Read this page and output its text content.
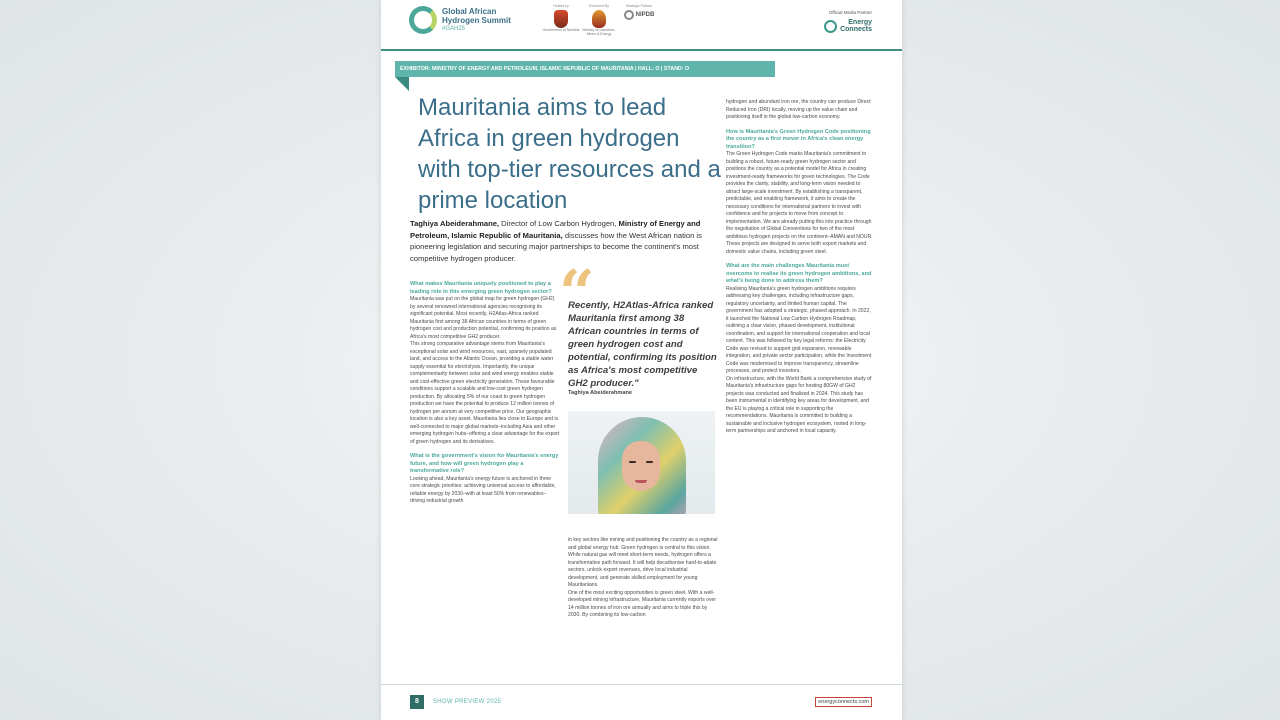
Global African
Hydrogen Summit
#GAH25
Hosted by
Government of Namibia
Endorsed By
Ministry of Industries, Mines & Energy
Strategic Partner
NIPDB	Official Media Partner
Energy
Connects
EXHIBITOR: MINISTRY OF ENERGY AND PETROLEUM, ISLAMIC REPUBLIC OF MAURITANIA | HALL: O | STAND: O
Mauritania aims to lead Africa in green hydrogen with top-tier resources and a prime location
Taghiya Abeiderahmane, Director of Low Carbon Hydrogen, Ministry of Energy and Petroleum, Islamic Republic of Mauritania, discusses how the West African nation is pioneering legislation and securing major partnerships to become the continent's most competitive hydrogen producer.

What makes Mauritania uniquely positioned to play a leading role in this emerging green hydrogen sector?

Mauritania was put on the global map for green hydrogen (GH2) by several renowned international agencies recognising its significant potential. Most recently, H2Atlas-Africa ranked Mauritania first among 38 African countries in terms of green hydrogen cost and production potential, confirming its position as Africa's most competitive GH2 producer.

This strong comparative advantage stems from Mauritania's exceptional solar and wind resources, vast, sparsely populated land, and access to the Atlantic Ocean, providing a stable water supply essential for electrolysis. Importantly, the unique complementarity between solar and wind energy enables stable and cost-effective green electricity generation. These favourable conditions support a scalable and low-cost green hydrogen production. By allocating 5% of our coast to green hydrogen production we have the potential to produce 12 million tonnes of hydrogen per annum at very competitive price. Our geographic location is also a key asset. Mauritania lies close to Europe and is well-connected to major global markets–including Asia and other emerging hydrogen hubs–offering a clear advantage for the export of green hydrogen and its derivatives.

What is the government's vision for Mauritania's energy future, and how will green hydrogen play a transformative role?

Looking ahead, Mauritania's energy future is anchored in three core strategic priorities: achieving universal access to affordable, reliable energy by 2030–with at least 50% from renewables–driving industrial growth

“
Recently, H2Atlas-Africa ranked Mauritania first among 38 African countries in terms of green hydrogen cost and potential, confirming its position as Africa's most competitive GH2 producer."
Taghiya Abeiderahmane

in key sectors like mining and positioning the country as a regional and global energy hub. Green hydrogen is central to this vision. While natural gas will meet short-term needs, hydrogen offers a transformative path forward. It will help decarbonise hard-to-abate sectors, unlock export revenues, drive local industrial development, and generate skilled employment for young Mauritanians.

One of the most exciting opportunities is green steel. With a well-developed mining infrastructure, Mauritania currently exports over 14 million tonnes of iron ore annually and aims to triple this by 2030. By combining its low-carbon

hydrogen and abundant iron ore, the country can produce Direct Reduced Iron (DRI) locally, moving up the value chain and positioning itself in the global low-carbon economy.

How is Mauritania's Green Hydrogen Code positioning the country as a first mover in Africa's clean energy transition?

The Green Hydrogen Code marks Mauritania's commitment to building a robust, future-ready green hydrogen sector and positions the country as a potential model for Africa in creating investment-ready frameworks for green technologies. The Code provides the clarity, stability, and long-term vision needed to attract large-scale investment. By establishing a transparent, predictable, and enabling framework, it aims to create the necessary conditions for international partners to invest with confidence and for projects to move from concept to implementation. We are already putting this into practice through the negotiation of Global Conventions for two of the most ambitious hydrogen projects on the continent–AMAN and NOUR. These projects are designed to serve both export markets and domestic value chains, including green steel.

What are the main challenges Mauritania must overcome to realise its green hydrogen ambitions, and what's being done to address them?

Realising Mauritania's green hydrogen ambitions requires addressing key challenges, including infrastructure gaps, regulatory uncertainty, and limited human capital. The government has adopted a strategic, phased approach. In 2022, it launched the National Low Carbon Hydrogen Roadmap, outlining a clear vision, phased development, institutional coordination, and support for international cooperation and local content. This was followed by key legal reforms: the Electricity Code was revised to support grid expansion, renewable integration, and private sector participation, while the Investment Code was modernised to improve transparency, streamline processes, and protect investors.

On infrastructure, with the World Bank a comprehensive study of Mauritania's infrastructure gaps for hosting 80GW of GH2 projects was conducted and finalised in 2024. This study has been instrumental in identifying key areas for development, and the EU is playing a critical role in supporting the recommendations. Mauritania is committed to building a sustainable and inclusive hydrogen ecosystem, rooted in long-term partnerships and anchored in local capacity.

8	SHOW PREVIEW 2025	energyconnects.com
